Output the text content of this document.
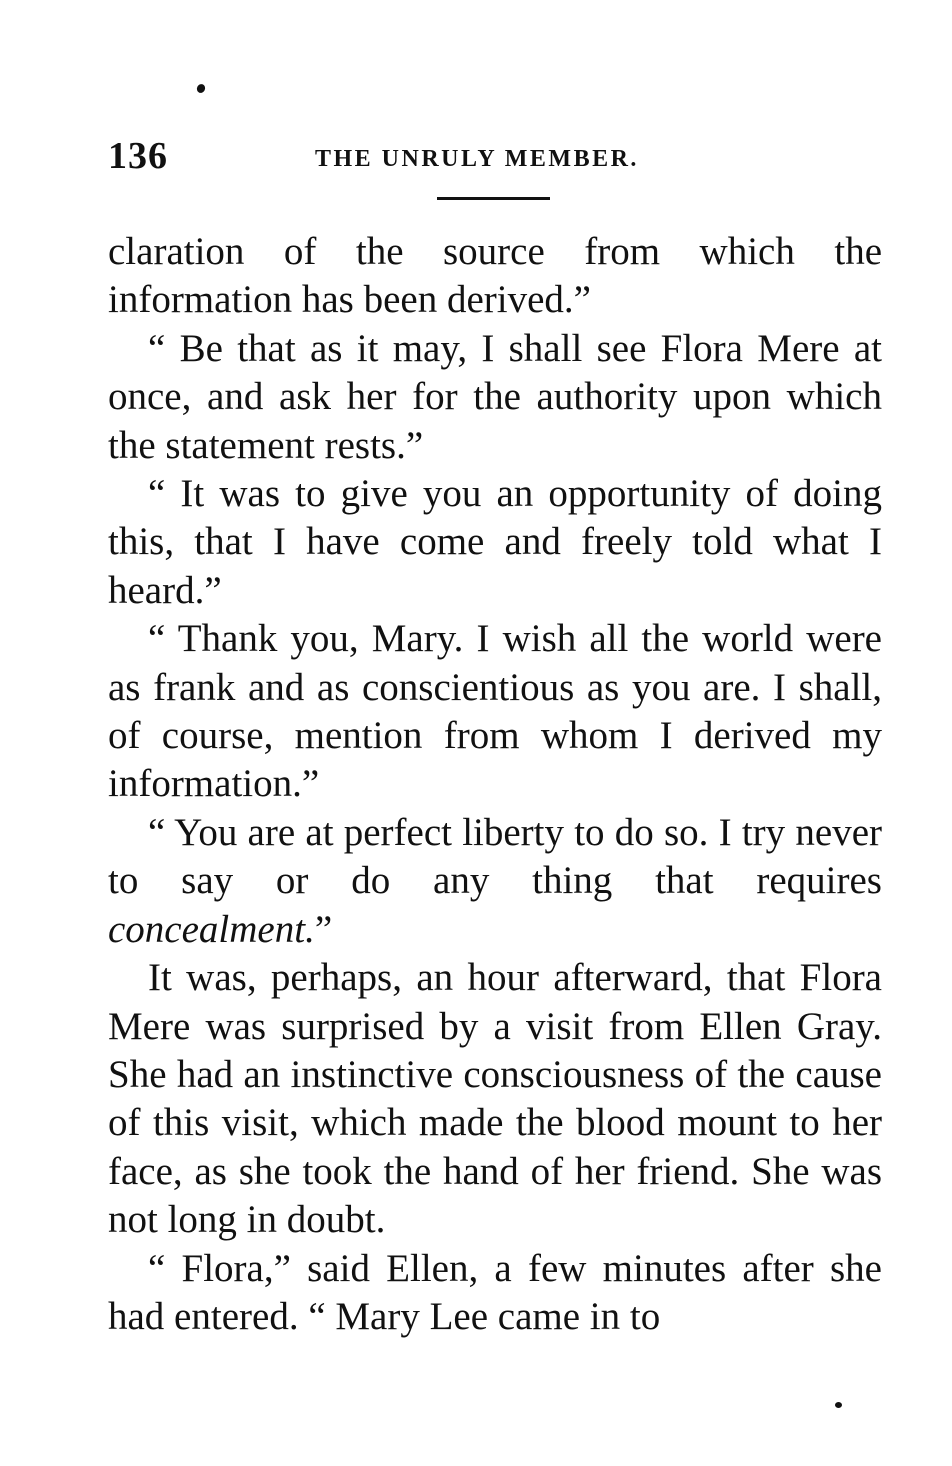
136	THE UNRULY MEMBER.

claration of the source from which the information has been derived.”

“ Be that as it may, I shall see Flora Mere at once, and ask her for the authority upon which the statement rests.”

“ It was to give you an opportunity of doing this, that I have come and freely told what I heard.”

“ Thank you, Mary. I wish all the world were as frank and as conscientious as you are. I shall, of course, mention from whom I derived my information.”

“ You are at perfect liberty to do so. I try never to say or do any thing that requires concealment.”

It was, perhaps, an hour afterward, that Flora Mere was surprised by a visit from Ellen Gray. She had an instinctive consciousness of the cause of this visit, which made the blood mount to her face, as she took the hand of her friend. She was not long in doubt.

“ Flora,” said Ellen, a few minutes after she had entered. “ Mary Lee came in to
